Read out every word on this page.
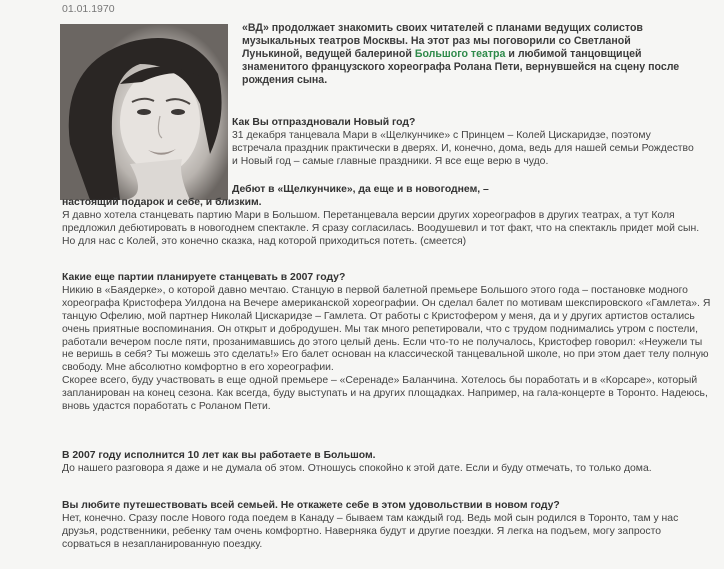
01.01.1970
«ВД» продолжает знакомить своих читателей с планами ведущих солистов музыкальных театров Москвы. На этот раз мы поговорили со Светланой Лунькиной, ведущей балериной Большого театра и любимой танцовщицей знаменитого французского хореографа Ролана Пети, вернувшейся на сцену после рождения сына.

Как Вы отпраздновали Новый год?

31 декабря танцевала Мари в «Щелкунчике» с Принцем – Колей Цискаридзе, поэтому встречала праздник практически в дверях. И, конечно, дома, ведь для нашей семьи Рождество и Новый год – самые главные праздники. Я все еще верю в чудо.

Дебют в «Щелкунчике», да еще и в новогоднем, –

настоящий подарок и себе, и близким.

Я давно хотела станцевать партию Мари в Большом. Перетанцевала версии других хореографов в других театрах, а тут Коля предложил дебютировать в новогоднем спектакле. Я сразу согласилась. Воодушевил и тот факт, что на спектакль придет мой сын. Но для нас с Колей, это конечно сказка, над которой приходиться потеть. (смеется)

Какие еще партии планируете станцевать в 2007 году?

Никию в «Баядерке», о которой давно мечтаю. Станцую в первой балетной премьере Большого этого года – постановке модного хореографа Кристофера Уилдона на Вечере американской хореографии. Он сделал балет по мотивам шекспировского «Гамлета». Я танцую Офелию, мой партнер Николай Цискаридзе – Гамлета. От работы с Кристофером у меня, да и у других артистов остались очень приятные воспоминания. Он открыт и добродушен. Мы так много репетировали, что с трудом поднимались утром с постели, работали вечером после пяти, прозанимавшись до этого целый день. Если что-то не получалось, Кристофер говорил: «Неужели ты не веришь в себя? Ты можешь это сделать!» Его балет основан на классической танцевальной школе, но при этом дает телу полную свободу. Мне абсолютно комфортно в его хореографии.

Скорее всего, буду участвовать в еще одной премьере – «Серенаде» Баланчина. Хотелось бы поработать и в «Корсаре», который запланирован на конец сезона. Как всегда, буду выступать и на других площадках. Например, на гала-концерте в Торонто. Надеюсь, вновь удастся поработать с Роланом Пети.

В 2007 году исполнится 10 лет как вы работаете в Большом.

До нашего разговора я даже и не думала об этом. Отношусь спокойно к этой дате. Если и буду отмечать, то только дома.

Вы любите путешествовать всей семьей. Не откажете себе в этом удовольствии в новом году?

Нет, конечно. Сразу после Нового года поедем в Канаду – бываем там каждый год. Ведь мой сын родился в Торонто, там у нас друзья, родственники, ребенку там очень комфортно. Наверняка будут и другие поездки. Я легка на подъем, могу запросто сорваться в незапланированную поездку.
